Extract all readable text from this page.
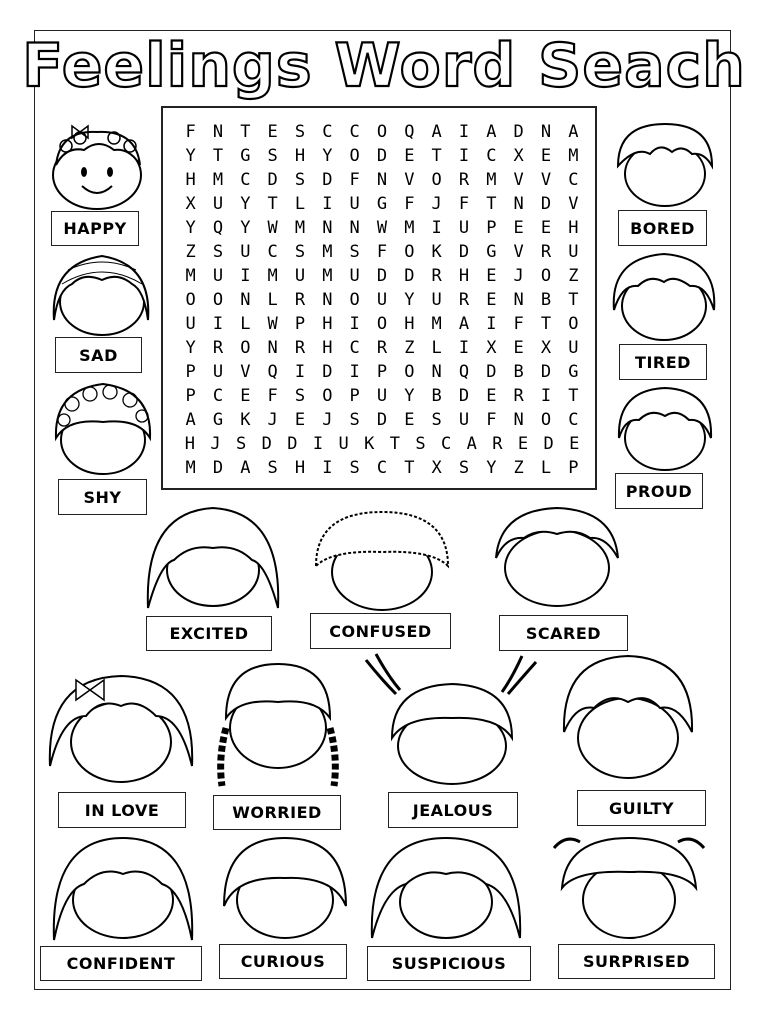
Feelings Word Seach
F	N	T	E	S	C	C	O	Q	A	I	A	D	N	A
Y	T	G	S	H	Y	O	D	E	T	I	C	X	E	M
H	M	C	D	S	D	F	N	V	O	R	M	V	V	C
X	U	Y	T	L	I	U	G	F	J	F	T	N	D	V
Y	Q	Y	W	M	N	N	W	M	I	U	P	E	E	H
Z	S	U	C	S	M	S	F	O	K	D	G	V	R	U
M	U	I	M	U	M	U	D	D	R	H	E	J	O	Z
O	O	N	L	R	N	O	U	Y	U	R	E	N	B	T
U	I	L	W	P	H	I	O	H	M	A	I	F	T	O
Y	R	O	N	R	H	C	R	Z	L	I	X	E	X	U
P	U	V	Q	I	D	I	P	O	N	Q	D	B	D	G
P	C	E	F	S	O	P	U	Y	B	D	E	R	I	T
A	G	K	J	E	J	S	D	E	S	U	F	N	O	C
H J S D D I U K T S C A R E D E
M	D	A	S	H	I	S	C	T	X	S	Y	Z	L	P
HAPPY
SAD
SHY
BORED
TIRED
PROUD
EXCITED	CONFUSED	SCARED
IN LOVE	WORRIED	JEALOUS	GUILTY
CONFIDENT	CURIOUS	SUSPICIOUS	SURPRISED
